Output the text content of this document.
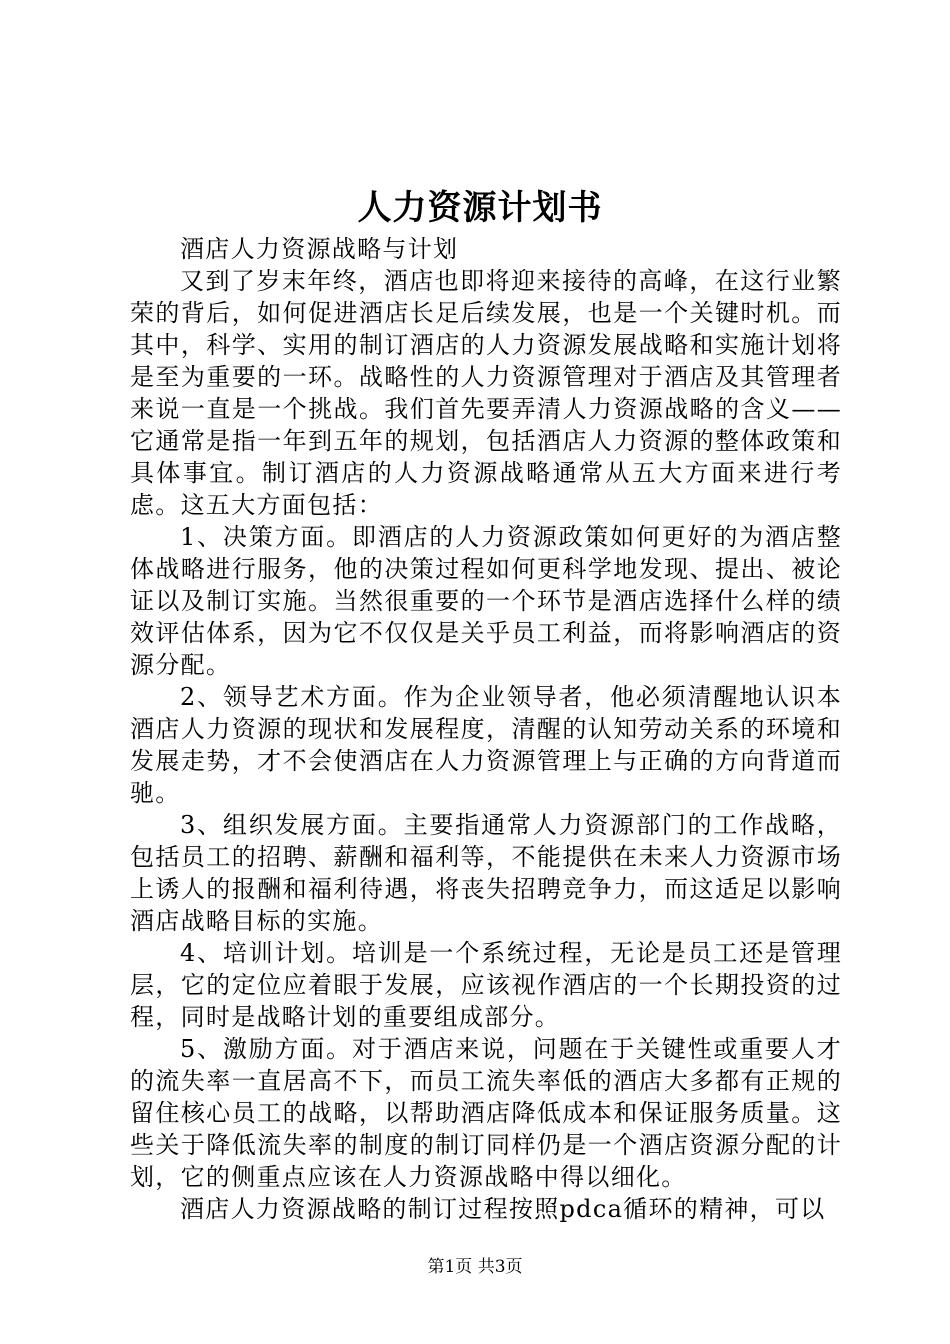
人力资源计划书

酒店人力资源战略与计划

又到了岁末年终，酒店也即将迎来接待的高峰，在这行业繁荣的背后，如何促进酒店长足后续发展，也是一个关键时机。而其中，科学、实用的制订酒店的人力资源发展战略和实施计划将是至为重要的一环。战略性的人力资源管理对于酒店及其管理者来说一直是一个挑战。我们首先要弄清人力资源战略的含义——它通常是指一年到五年的规划，包括酒店人力资源的整体政策和具体事宜。制订酒店的人力资源战略通常从五大方面来进行考虑。这五大方面包括：

1、决策方面。即酒店的人力资源政策如何更好的为酒店整体战略进行服务，他的决策过程如何更科学地发现、提出、被论证以及制订实施。当然很重要的一个环节是酒店选择什么样的绩效评估体系，因为它不仅仅是关乎员工利益，而将影响酒店的资源分配。

2、领导艺术方面。作为企业领导者，他必须清醒地认识本酒店人力资源的现状和发展程度，清醒的认知劳动关系的环境和发展走势，才不会使酒店在人力资源管理上与正确的方向背道而驰。

3、组织发展方面。主要指通常人力资源部门的工作战略，包括员工的招聘、薪酬和福利等，不能提供在未来人力资源市场上诱人的报酬和福利待遇，将丧失招聘竞争力，而这适足以影响酒店战略目标的实施。

4、培训计划。培训是一个系统过程，无论是员工还是管理层，它的定位应着眼于发展，应该视作酒店的一个长期投资的过程，同时是战略计划的重要组成部分。

5、激励方面。对于酒店来说，问题在于关键性或重要人才的流失率一直居高不下，而员工流失率低的酒店大多都有正规的留住核心员工的战略，以帮助酒店降低成本和保证服务质量。这些关于降低流失率的制度的制订同样仍是一个酒店资源分配的计划，它的侧重点应该在人力资源战略中得以细化。

酒店人力资源战略的制订过程按照pdca循环的精神，可以

第1页 共3页
